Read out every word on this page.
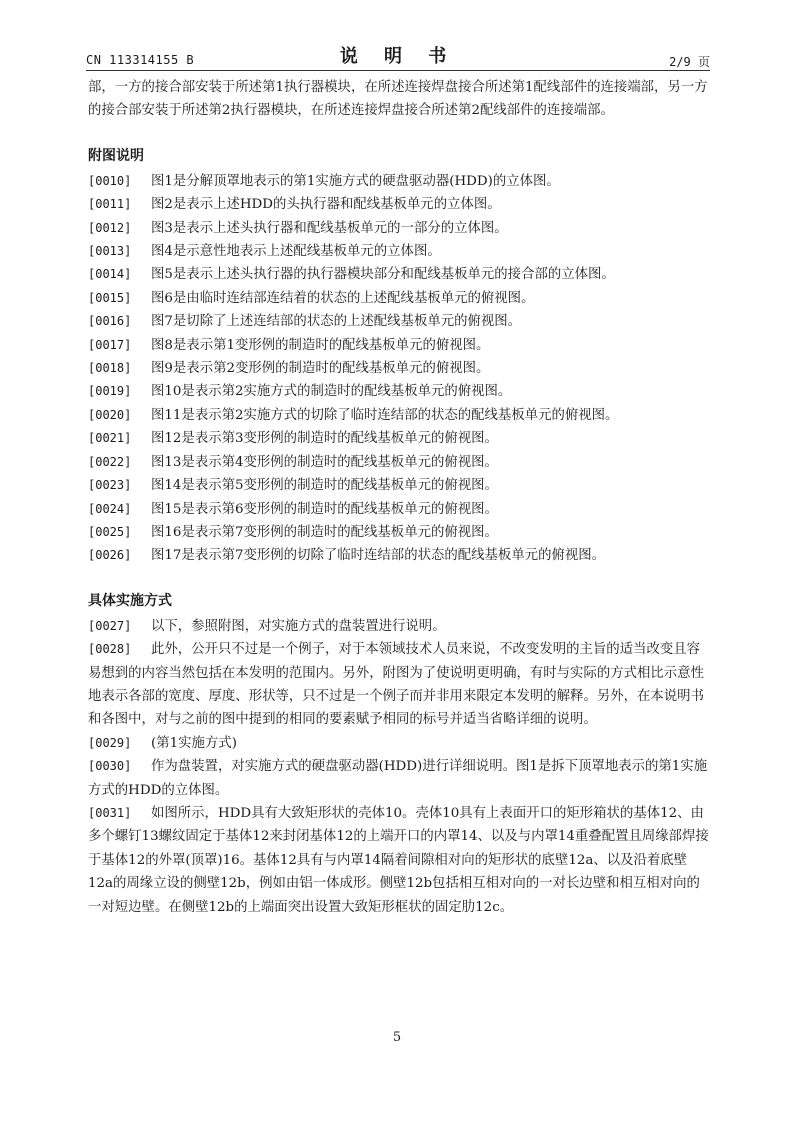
CN 113314155 B	说 明 书	2/9 页

部，一方的接合部安装于所述第1执行器模块，在所述连接焊盘接合所述第1配线部件的连接端部，另一方的接合部安装于所述第2执行器模块，在所述连接焊盘接合所述第2配线部件的连接端部。

附图说明
[0010] 图1是分解顶罩地表示的第1实施方式的硬盘驱动器(HDD)的立体图。
[0011] 图2是表示上述HDD的头执行器和配线基板单元的立体图。
[0012] 图3是表示上述头执行器和配线基板单元的一部分的立体图。
[0013] 图4是示意性地表示上述配线基板单元的立体图。
[0014] 图5是表示上述头执行器的执行器模块部分和配线基板单元的接合部的立体图。
[0015] 图6是由临时连结部连结着的状态的上述配线基板单元的俯视图。
[0016] 图7是切除了上述连结部的状态的上述配线基板单元的俯视图。
[0017] 图8是表示第1变形例的制造时的配线基板单元的俯视图。
[0018] 图9是表示第2变形例的制造时的配线基板单元的俯视图。
[0019] 图10是表示第2实施方式的制造时的配线基板单元的俯视图。
[0020] 图11是表示第2实施方式的切除了临时连结部的状态的配线基板单元的俯视图。
[0021] 图12是表示第3变形例的制造时的配线基板单元的俯视图。
[0022] 图13是表示第4变形例的制造时的配线基板单元的俯视图。
[0023] 图14是表示第5变形例的制造时的配线基板单元的俯视图。
[0024] 图15是表示第6变形例的制造时的配线基板单元的俯视图。
[0025] 图16是表示第7变形例的制造时的配线基板单元的俯视图。
[0026] 图17是表示第7变形例的切除了临时连结部的状态的配线基板单元的俯视图。
具体实施方式
[0027] 以下，参照附图，对实施方式的盘装置进行说明。
[0028] 此外，公开只不过是一个例子，对于本领域技术人员来说，不改变发明的主旨的适当改变且容易想到的内容当然包括在本发明的范围内。另外，附图为了使说明更明确，有时与实际的方式相比示意性地表示各部的宽度、厚度、形状等，只不过是一个例子而并非用来限定本发明的解释。另外，在本说明书和各图中，对与之前的图中提到的相同的要素赋予相同的标号并适当省略详细的说明。
[0029] (第1实施方式)
[0030] 作为盘装置，对实施方式的硬盘驱动器(HDD)进行详细说明。图1是拆下顶罩地表示的第1实施方式的HDD的立体图。
[0031] 如图所示，HDD具有大致矩形状的壳体10。壳体10具有上表面开口的矩形箱状的基体12、由多个螺钉13螺纹固定于基体12来封闭基体12的上端开口的内罩14、以及与内罩14重叠配置且周缘部焊接于基体12的外罩(顶罩)16。基体12具有与内罩14隔着间隙相对向的矩形状的底壁12a、以及沿着底壁12a的周缘立设的侧壁12b，例如由铝一体成形。侧壁12b包括相互相对向的一对长边壁和相互相对向的一对短边壁。在侧壁12b的上端面突出设置大致矩形框状的固定肋12c。
5
